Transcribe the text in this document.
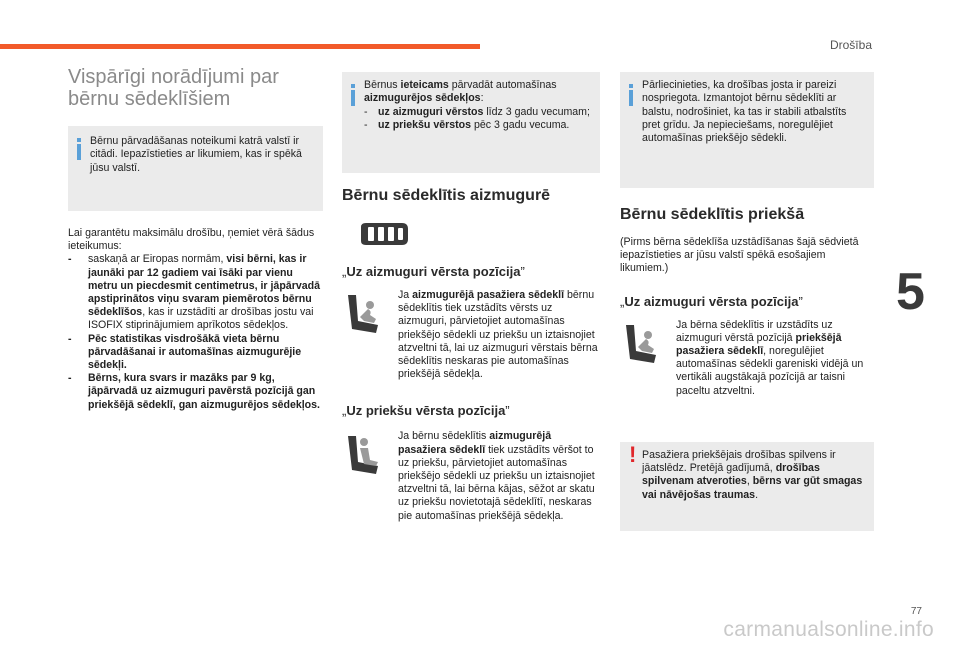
Drošība
5
77
carmanualsonline.info
Vispārīgi norādījumi par
bērnu sēdeklīšiem
Bērnu pārvadāšanas noteikumi katrā valstī ir citādi. Iepazīstieties ar likumiem, kas ir spēkā jūsu valstī.
Lai garantētu maksimālu drošību, ņemiet vērā šādus ieteikumus:
- saskaņā ar Eiropas normām, visi bērni, kas ir jaunāki par 12 gadiem vai īsāki par vienu metru un piecdesmit centimetrus, ir jāpārvadā apstiprinātos viņu svaram piemērotos bērnu sēdeklīšos, kas ir uzstādīti ar drošības jostu vai ISOFIX stiprinājumiem aprīkotos sēdekļos.
- Pēc statistikas visdrošākā vieta bērnu pārvadāšanai ir automašīnas aizmugurējie sēdekļi.
- Bērns, kura svars ir mazāks par 9 kg, jāpārvadā uz aizmuguri pavērstā pozīcijā gan priekšējā sēdeklī, gan aizmugurējos sēdekļos.
Bērnus ieteicams pārvadāt automašīnas aizmugurējos sēdekļos:
- uz aizmuguri vērstos līdz 3 gadu vecumam;
- uz priekšu vērstos pēc 3 gadu vecuma.
Bērnu sēdeklītis aizmugurē
„Uz aizmuguri vērsta pozīcija”
Ja aizmugurējā pasažiera sēdeklī bērnu sēdeklītis tiek uzstādīts vērsts uz aizmuguri, pārvietojiet automašīnas priekšējo sēdekli uz priekšu un iztaisnojiet atzveltni tā, lai uz aizmuguri vērstais bērna sēdeklītis neskaras pie automašīnas priekšējā sēdekļa.
„Uz priekšu vērsta pozīcija”
Ja bērnu sēdeklītis aizmugurējā pasažiera sēdeklī tiek uzstādīts vēršot to uz priekšu, pārvietojiet automašīnas priekšējo sēdekli uz priekšu un iztaisnojiet atzveltni tā, lai bērna kājas, sēžot ar skatu uz priekšu novietotajā sēdeklītī, neskaras pie automašīnas priekšējā sēdekļa.
Pārliecinieties, ka drošības josta ir pareizi nospriegota. Izmantojot bērnu sēdeklīti ar balstu, nodrošiniet, ka tas ir stabili atbalstīts pret grīdu. Ja nepieciešams, noregulējiet automašīnas priekšējo sēdekli.
Bērnu sēdeklītis priekšā
(Pirms bērna sēdeklīša uzstādīšanas šajā sēdvietā iepazīstieties ar jūsu valstī spēkā esošajiem likumiem.)
„Uz aizmuguri vērsta pozīcija”
Ja bērna sēdeklītis ir uzstādīts uz aizmuguri vērstā pozīcijā priekšējā pasažiera sēdeklī, noregulējiet automašīnas sēdekli gareniski vidējā un vertikāli augstākajā pozīcijā ar taisni paceltu atzveltni.
! Pasažiera priekšējais drošības spilvens ir jāatslēdz. Pretējā gadījumā, drošības spilvenam atveroties, bērns var gūt smagas vai nāvējošas traumas.
